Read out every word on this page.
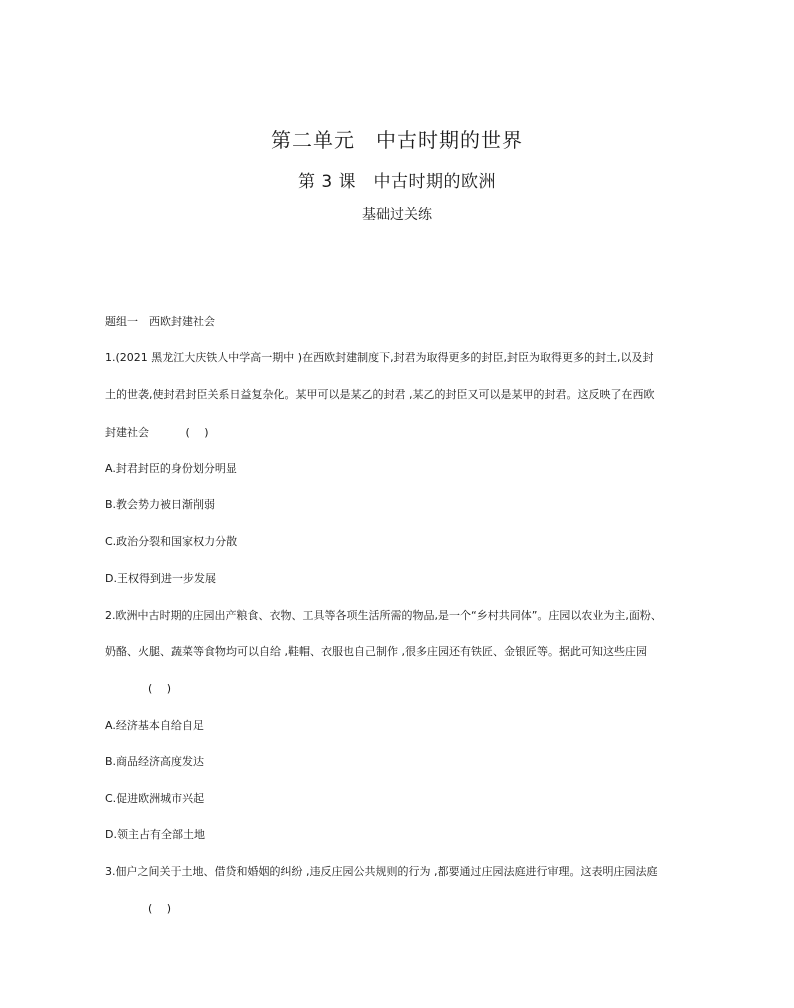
第二单元　中古时期的世界
第 3 课　中古时期的欧洲
基础过关练

题组一　西欧封建社会

1.(2021 黑龙江大庆铁人中学高一期中 )在西欧封建制度下,封君为取得更多的封臣,封臣为取得更多的封土,以及封

土的世袭,使封君封臣关系日益复杂化。某甲可以是某乙的封君 ,某乙的封臣又可以是某甲的封君。这反映了在西欧

封建社会　　　 (　 )

A.封君封臣的身份划分明显

B.教会势力被日渐削弱

C.政治分裂和国家权力分散

D.王权得到进一步发展

2.欧洲中古时期的庄园出产粮食、衣物、工具等各项生活所需的物品,是一个“乡村共同体”。庄园以农业为主,面粉、

奶酪、火腿、蔬菜等食物均可以自给 ,鞋帽、衣服也自己制作 ,很多庄园还有铁匠、金银匠等。据此可知这些庄园

(　 )

A.经济基本自给自足

B.商品经济高度发达

C.促进欧洲城市兴起

D.领主占有全部土地

3.佃户之间关于土地、借贷和婚姻的纠纷 ,违反庄园公共规则的行为 ,都要通过庄园法庭进行审理。这表明庄园法庭

(　 )
